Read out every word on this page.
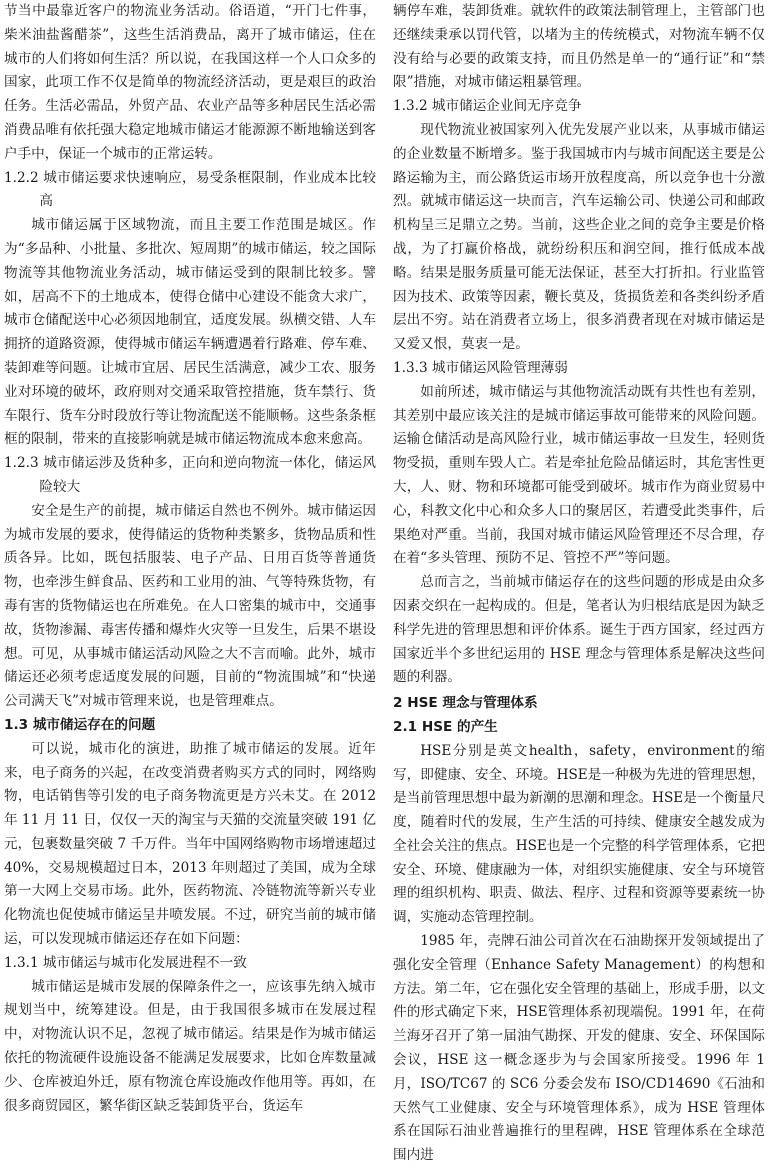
节当中最靠近客户的物流业务活动。俗语道，“开门七件事，柴米油盐酱醋茶”，这些生活消费品，离开了城市储运，住在城市的人们将如何生活？所以说，在我国这样一个人口众多的国家，此项工作不仅是简单的物流经济活动，更是艰巨的政治任务。生活必需品，外贸产品、农业产品等多种居民生活必需消费品唯有依托强大稳定地城市储运才能源源不断地输送到客户手中，保证一个城市的正常运转。

1.2.2 城市储运要求快速响应，易受条框限制，作业成本比较高

城市储运属于区域物流，而且主要工作范围是城区。作为“多品种、小批量、多批次、短周期”的城市储运，较之国际物流等其他物流业务活动，城市储运受到的限制比较多。譬如，居高不下的土地成本，使得仓储中心建设不能贪大求广，城市仓储配送中心必须因地制宜，适度发展。纵横交错、人车拥挤的道路资源，使得城市储运车辆遭遇着行路难、停车难、装卸难等问题。让城市宜居、居民生活满意，减少工农、服务业对环境的破坏，政府则对交通采取管控措施，货车禁行、货车限行、货车分时段放行等让物流配送不能顺畅。这些条条框框的限制，带来的直接影响就是城市储运物流成本愈来愈高。

1.2.3 城市储运涉及货种多，正向和逆向物流一体化，储运风险较大

安全是生产的前提，城市储运自然也不例外。城市储运因为城市发展的要求，使得储运的货物种类繁多，货物品质和性质各异。比如，既包括服装、电子产品、日用百货等普通货物，也牵涉生鲜食品、医药和工业用的油、气等特殊货物，有毒有害的货物储运也在所难免。在人口密集的城市中，交通事故，货物渗漏、毒害传播和爆炸火灾等一旦发生，后果不堪设想。可见，从事城市储运活动风险之大不言而喻。此外，城市储运还必须考虑适度发展的问题，目前的“物流围城”和“快递公司满天飞”对城市管理来说，也是管理难点。

1.3 城市储运存在的问题

可以说，城市化的演进，助推了城市储运的发展。近年来，电子商务的兴起，在改变消费者购买方式的同时，网络购物，电话销售等引发的电子商务物流更是方兴未艾。在 2012 年 11 月 11 日，仅仅一天的淘宝与天猫的交流量突破 191 亿元，包裹数量突破 7 千万件。当年中国网络购物市场增速超过 40%，交易规模超过日本，2013 年则超过了美国，成为全球第一大网上交易市场。此外，医药物流、冷链物流等新兴专业化物流也促使城市储运呈井喷发展。不过，研究当前的城市储运，可以发现城市储运还存在如下问题：

1.3.1 城市储运与城市化发展进程不一致

城市储运是城市发展的保障条件之一，应该事先纳入城市规划当中，统筹建设。但是，由于我国很多城市在发展过程中，对物流认识不足，忽视了城市储运。结果是作为城市储运依托的物流硬件设施设备不能满足发展要求，比如仓库数量减少、仓库被迫外迁，原有物流仓库设施改作他用等。再如，在很多商贸园区，繁华街区缺乏装卸货平台，货运车

辆停车难，装卸货难。就软件的政策法制管理上，主管部门也还继续秉承以罚代管，以堵为主的传统模式，对物流车辆不仅没有给与必要的政策支持，而且仍然是单一的“通行证”和“禁限”措施，对城市储运粗暴管理。

1.3.2 城市储运企业间无序竞争

现代物流业被国家列入优先发展产业以来，从事城市储运的企业数量不断增多。鉴于我国城市内与城市间配送主要是公路运输为主，而公路货运市场开放程度高，所以竞争也十分激烈。就城市储运这一块而言，汽车运输公司、快递公司和邮政机构呈三足鼎立之势。当前，这些企业之间的竞争主要是价格战，为了打赢价格战，就纷纷积压和润空间，推行低成本战略。结果是服务质量可能无法保证，甚至大打折扣。行业监管因为技术、政策等因素，鞭长莫及，货损货差和各类纠纷矛盾层出不穷。站在消费者立场上，很多消费者现在对城市储运是又爱又恨，莫衷一是。

1.3.3 城市储运风险管理薄弱

如前所述，城市储运与其他物流活动既有共性也有差别，其差别中最应该关注的是城市储运事故可能带来的风险问题。运输仓储活动是高风险行业，城市储运事故一旦发生，轻则货物受损，重则车毁人亡。若是牵扯危险品储运时，其危害性更大，人、财、物和环境都可能受到破坏。城市作为商业贸易中心，科教文化中心和众多人口的聚居区，若遭受此类事件，后果绝对严重。当前，我国对城市储运风险管理还不尽合理，存在着“多头管理、预防不足、管控不严”等问题。

总而言之，当前城市储运存在的这些问题的形成是由众多因素交织在一起构成的。但是，笔者认为归根结底是因为缺乏科学先进的管理思想和评价体系。诞生于西方国家，经过西方国家近半个多世纪运用的 HSE 理念与管理体系是解决这些问题的利器。

2 HSE 理念与管理体系
2.1 HSE 的产生

HSE分别是英文health，safety，environment的缩写，即健康、安全、环境。HSE是一种极为先进的管理思想，是当前管理思想中最为新潮的思潮和理念。HSE是一个衡量尺度，随着时代的发展，生产生活的可持续、健康安全越发成为全社会关注的焦点。HSE也是一个完整的科学管理体系，它把安全、环境、健康融为一体，对组织实施健康、安全与环境管理的组织机构、职责、做法、程序、过程和资源等要素统一协调，实施动态管理控制。

1985 年，壳牌石油公司首次在石油勘探开发领域提出了强化安全管理（Enhance Safety Management）的构想和方法。第二年，它在强化安全管理的基础上，形成手册，以文件的形式确定下来，HSE管理体系初现端倪。1991 年，在荷兰海牙召开了第一届油气勘探、开发的健康、安全、环保国际会议，HSE 这一概念逐步为与会国家所接受。1996 年 1 月，ISO/TC67 的 SC6 分委会发布 ISO/CD14690《石油和天然气工业健康、安全与环境管理体系》，成为 HSE 管理体系在国际石油业普遍推行的里程碑，HSE 管理体系在全球范围内进
